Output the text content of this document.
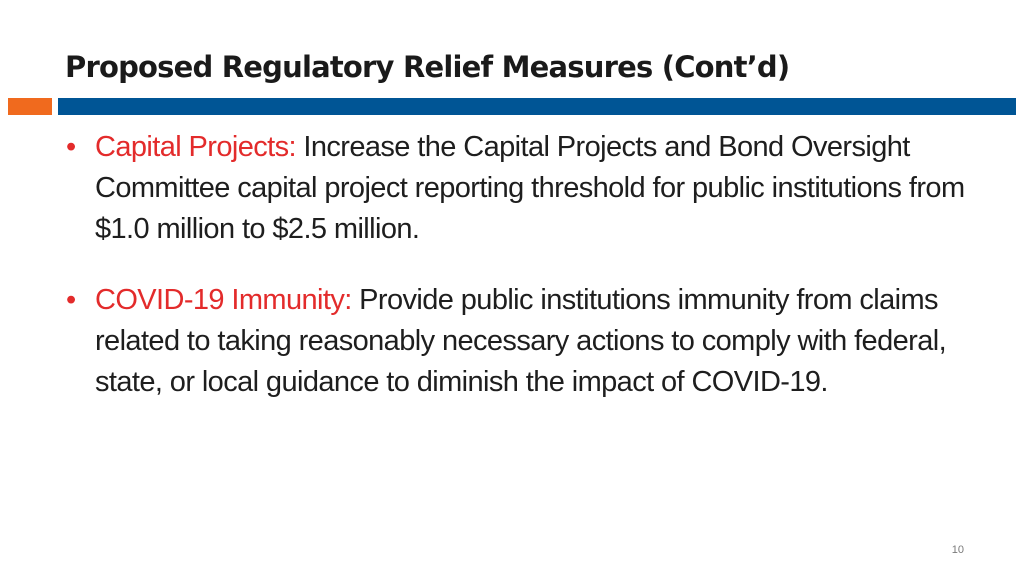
Proposed Regulatory Relief Measures (Cont’d)
• Capital Projects: Increase the Capital Projects and Bond Oversight Committee capital project reporting threshold for public institutions from $1.0 million to $2.5 million.
• COVID-19 Immunity: Provide public institutions immunity from claims related to taking reasonably necessary actions to comply with federal, state, or local guidance to diminish the impact of COVID-19.
10
